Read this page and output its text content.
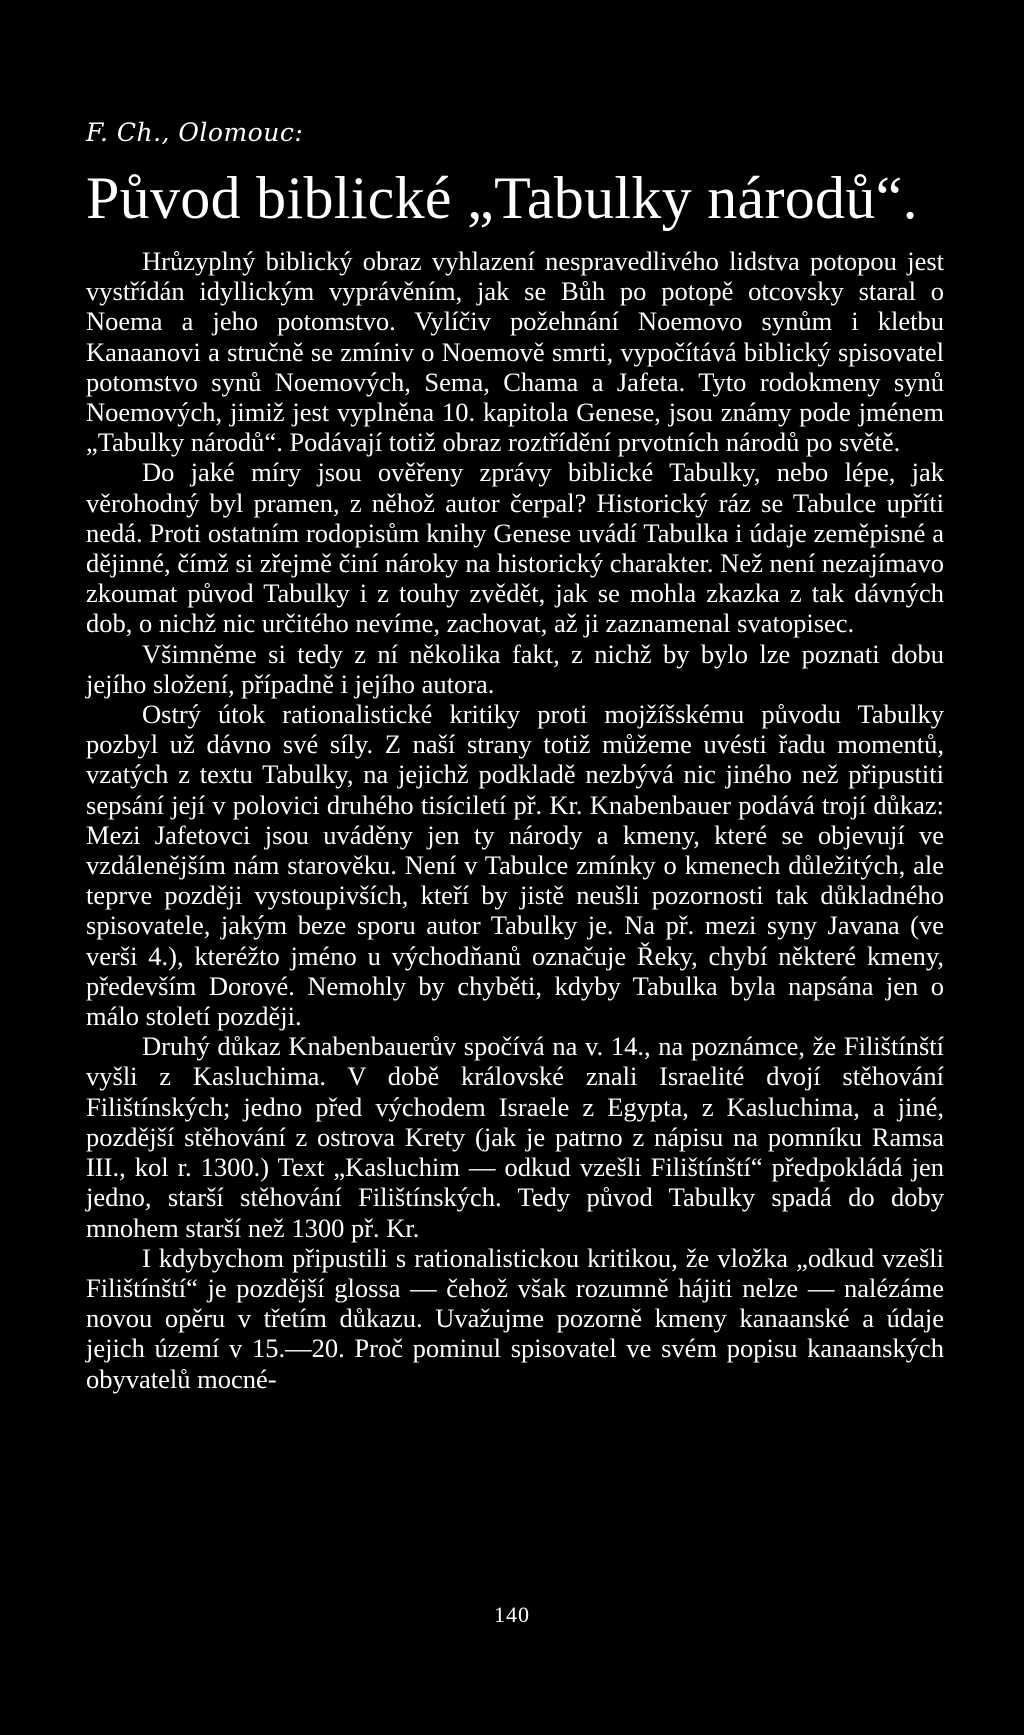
F. Ch., Olomouc:

Původ biblické „Tabulky národů“.

Hrůzyplný biblický obraz vyhlazení nespravedlivého lidstva potopou jest vystřídán idyllickým vyprávěním, jak se Bůh po potopě otcovsky staral o Noema a jeho potomstvo. Vylíčiv požehnání Noemovo synům i kletbu Kanaanovi a stručně se zmíniv o Noemově smrti, vypočítává biblický spisovatel potomstvo synů Noemových, Sema, Chama a Jafeta. Tyto rodokmeny synů Noemových, jimiž jest vyplněna 10. kapitola Genese, jsou známy pode jménem „Tabulky národů“. Podávají totiž obraz roztřídění prvotních národů po světě.

Do jaké míry jsou ověřeny zprávy biblické Tabulky, nebo lépe, jak věrohodný byl pramen, z něhož autor čerpal? Historický ráz se Tabulce upříti nedá. Proti ostatním rodopisům knihy Genese uvádí Tabulka i údaje zeměpisné a dějinné, čímž si zřejmě činí nároky na historický charakter. Než není nezajímavo zkoumat původ Tabulky i z touhy zvědět, jak se mohla zkazka z tak dávných dob, o nichž nic určitého nevíme, zachovat, až ji zaznamenal svatopisec.

Všimněme si tedy z ní několika fakt, z nichž by bylo lze poznati dobu jejího složení, případně i jejího autora.

Ostrý útok rationalistické kritiky proti mojžíšskému původu Tabulky pozbyl už dávno své síly. Z naší strany totiž můžeme uvésti řadu momentů, vzatých z textu Tabulky, na jejichž podkladě nezbývá nic jiného než připustiti sepsání její v polovici druhého tisíciletí př. Kr. Knabenbauer podává trojí důkaz: Mezi Jafetovci jsou uváděny jen ty národy a kmeny, které se objevují ve vzdálenějším nám starověku. Není v Tabulce zmínky o kmenech důležitých, ale teprve později vystoupivších, kteří by jistě neušli pozornosti tak důkladného spisovatele, jakým beze sporu autor Tabulky je. Na př. mezi syny Javana (ve verši 4.), kteréžto jméno u východňanů označuje Řeky, chybí některé kmeny, především Dorové. Nemohly by chyběti, kdyby Tabulka byla napsána jen o málo století později.

Druhý důkaz Knabenbauerův spočívá na v. 14., na poznámce, že Filištínští vyšli z Kasluchima. V době královské znali Israelité dvojí stěhování Filištínských; jedno před východem Israele z Egypta, z Kasluchima, a jiné, pozdější stěhování z ostrova Krety (jak je patrno z nápisu na pomníku Ramsa III., kol r. 1300.) Text „Kasluchim — odkud vzešli Filištínští“ předpokládá jen jedno, starší stěhování Filištínských. Tedy původ Tabulky spadá do doby mnohem starší než 1300 př. Kr.

I kdybychom připustili s rationalistickou kritikou, že vložka „odkud vzešli Filištínští“ je pozdější glossa — čehož však rozumně hájiti nelze — nalézáme novou opěru v třetím důkazu. Uvažujme pozorně kmeny kanaanské a údaje jejich území v 15.—20. Proč pominul spisovatel ve svém popisu kanaanských obyvatelů mocné-

140
